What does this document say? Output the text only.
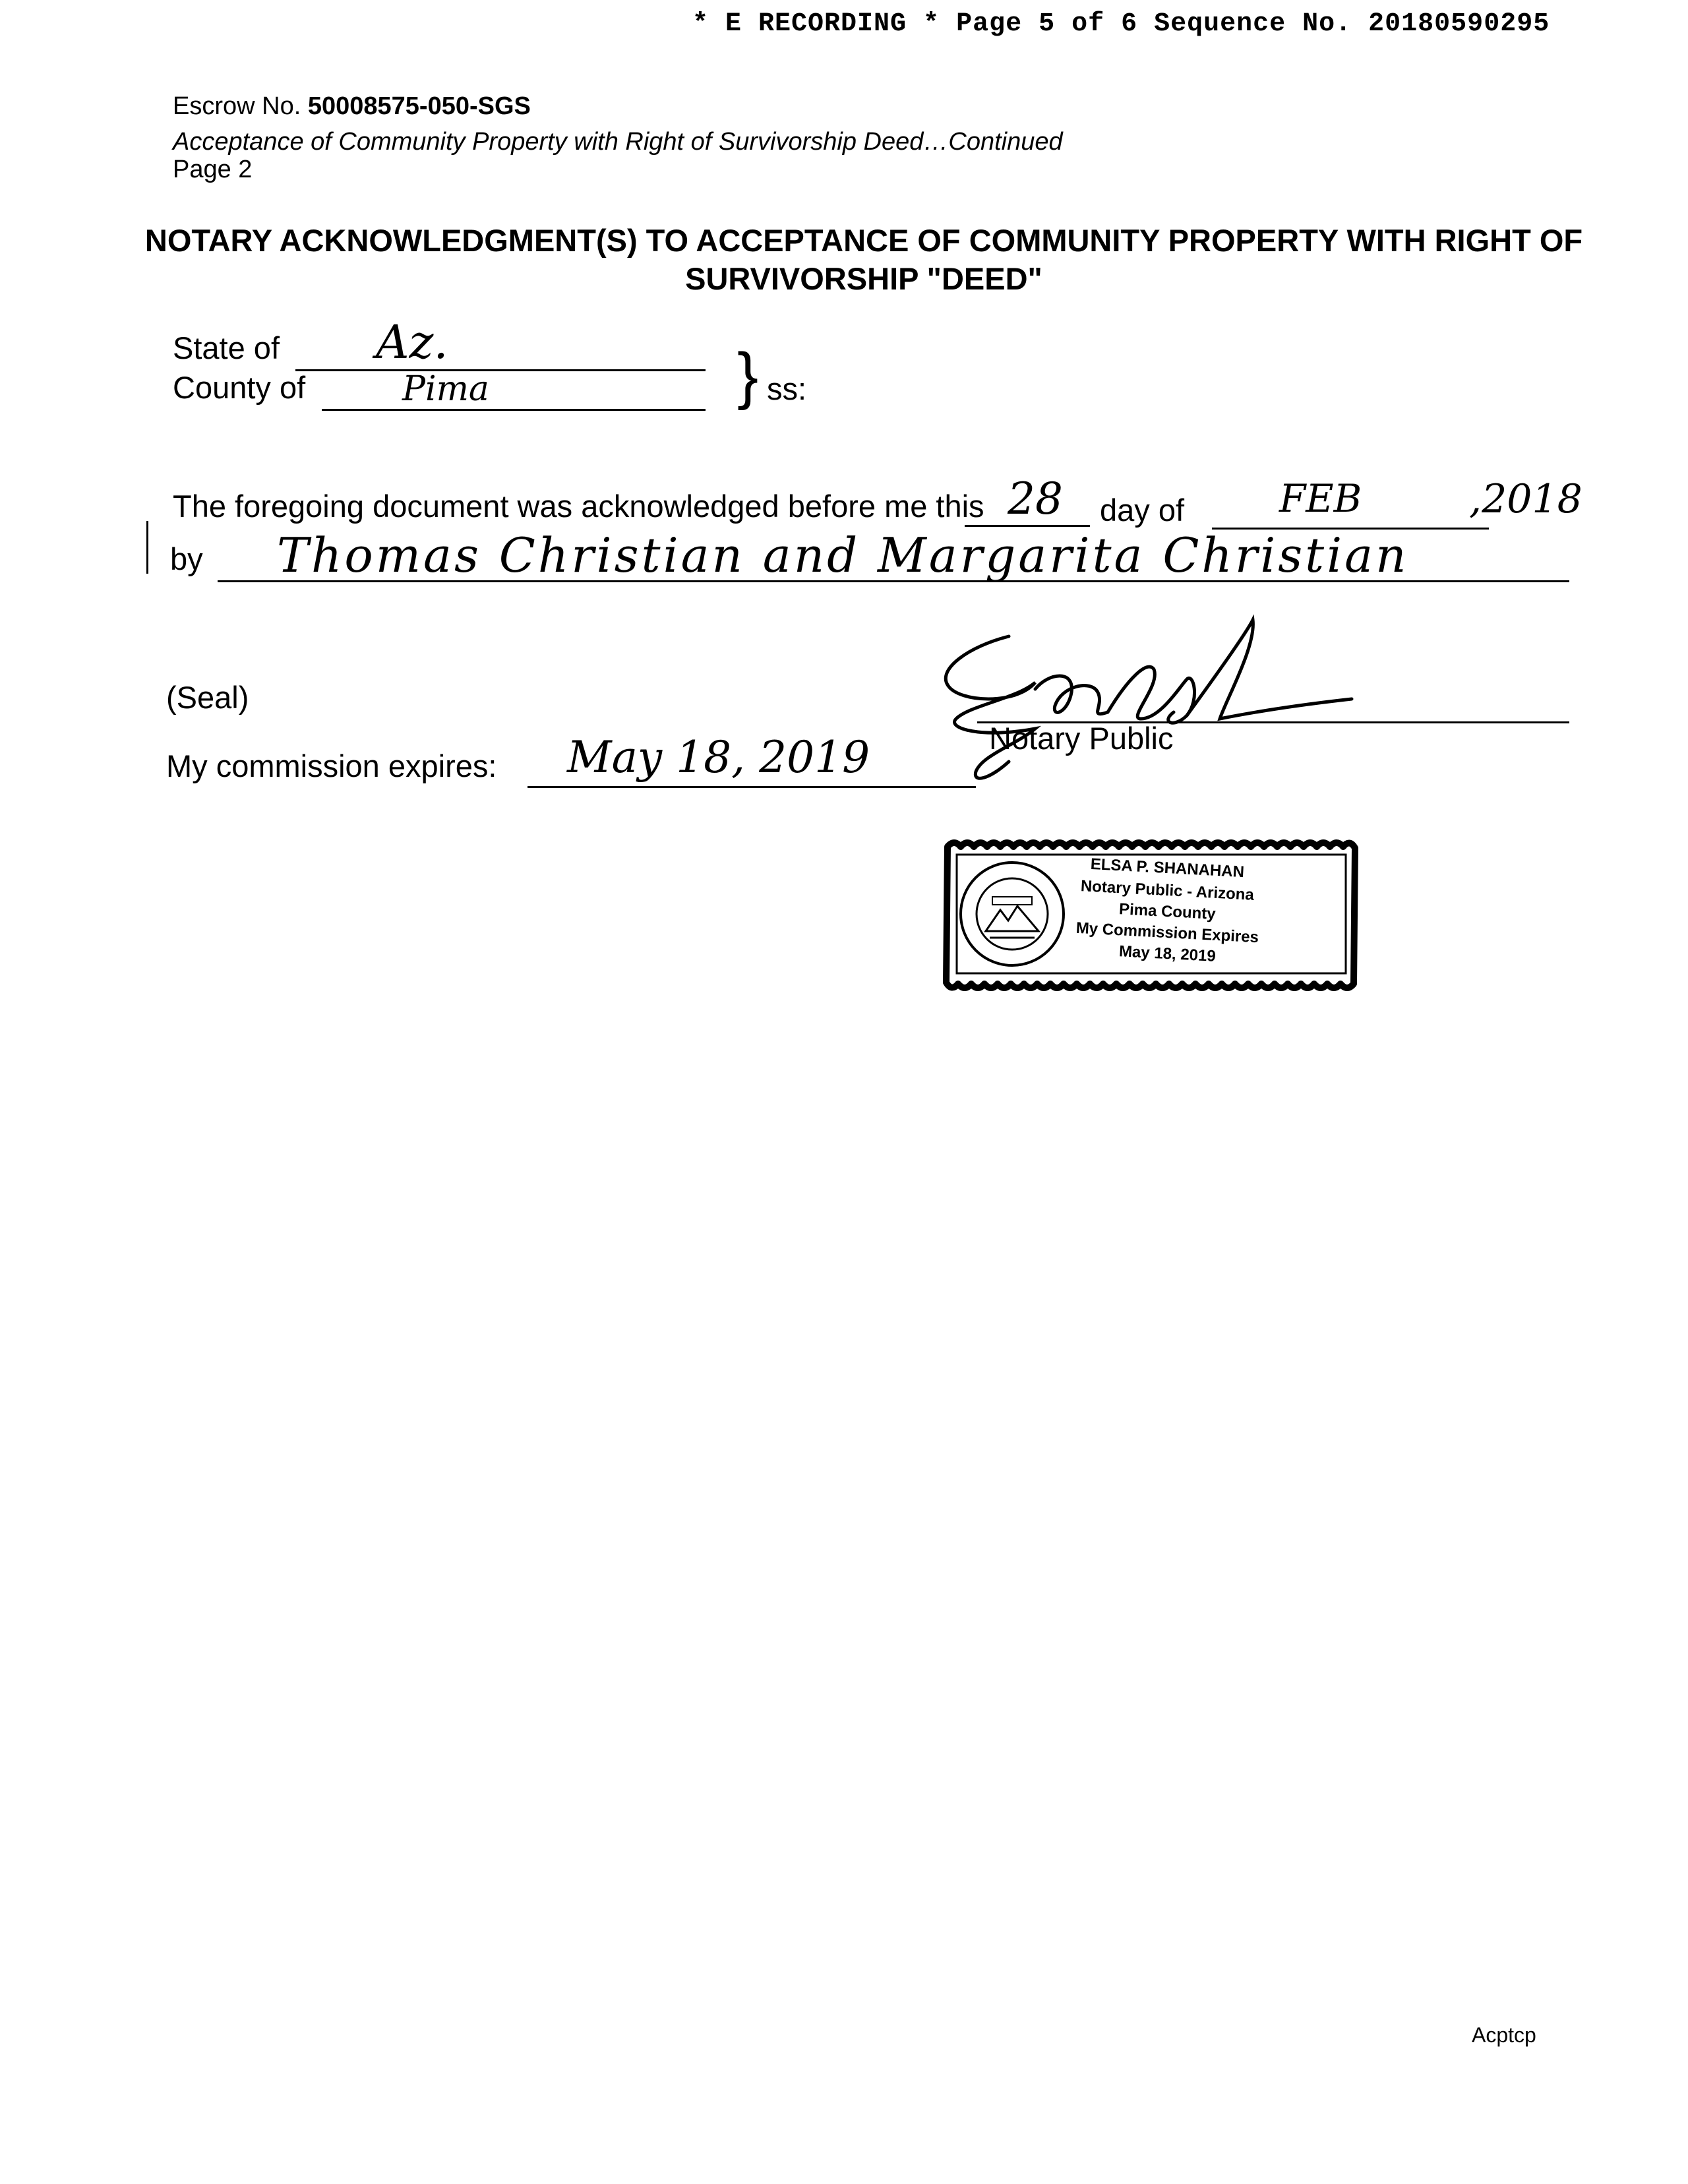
* E RECORDING * Page 5 of 6 Sequence No. 20180590295
Escrow No. 50008575-050-SGS
Acceptance of Community Property with Right of Survivorship Deed…Continued
Page 2
NOTARY ACKNOWLEDGMENT(S) TO ACCEPTANCE OF COMMUNITY PROPERTY WITH RIGHT OF SURVIVORSHIP "DEED"
State of Az.
County of	Pima	} ss:
The foregoing document was acknowledged before me this 28 day of FEB	,2018
by Thomas Christian and Margarita Christian
(Seal)
Notary Public
My commission expires: May 18, 2019
ELSA P. SHANAHAN
Notary Public - Arizona
Pima County
My Commission Expires
May 18, 2019
Acptcp
